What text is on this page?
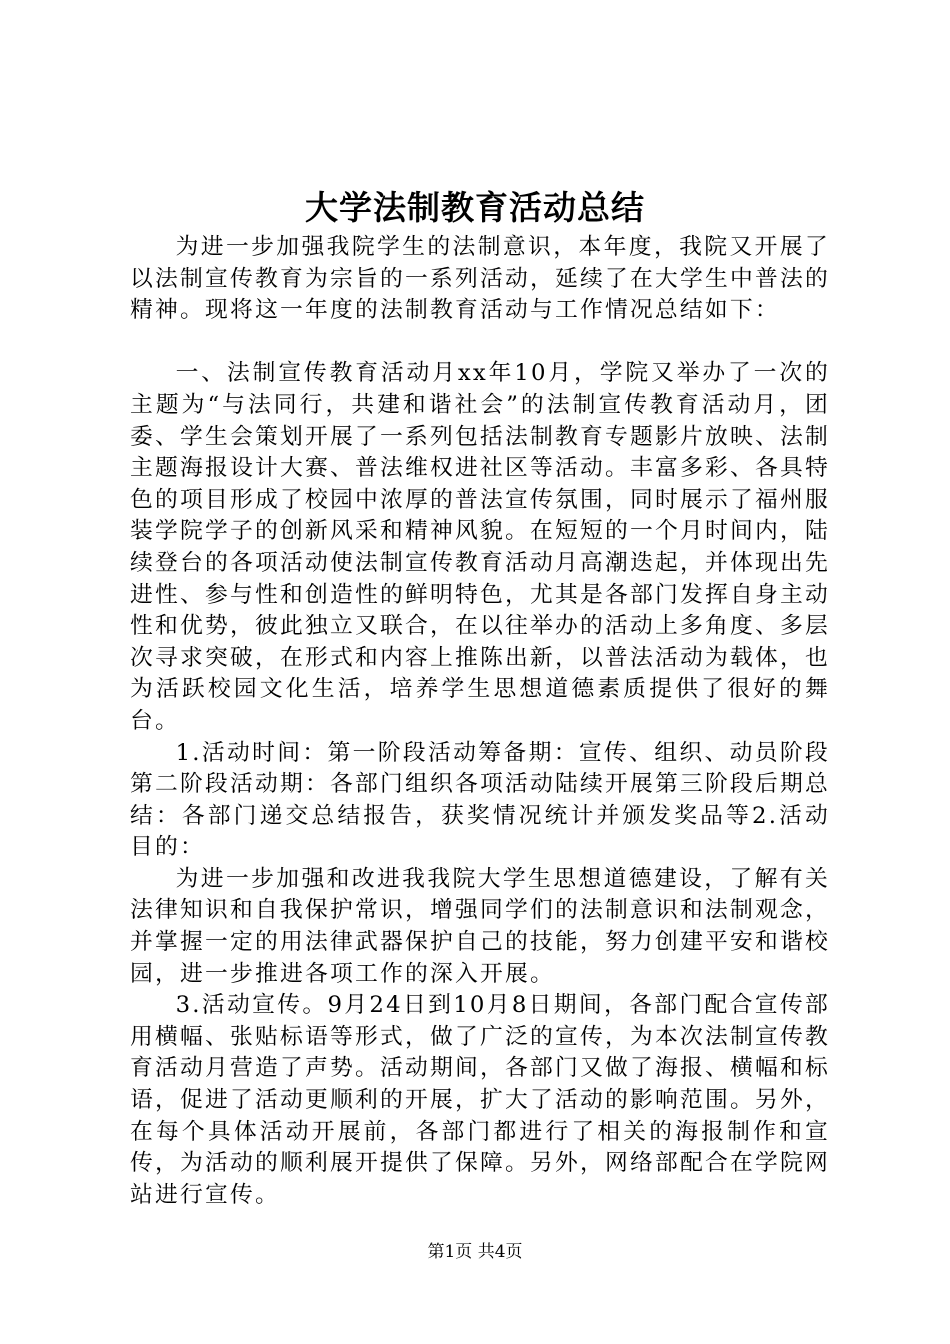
大学法制教育活动总结

为进一步加强我院学生的法制意识，本年度，我院又开展了以法制宣传教育为宗旨的一系列活动，延续了在大学生中普法的精神。现将这一年度的法制教育活动与工作情况总结如下：

一、法制宣传教育活动月xx年10月，学院又举办了一次的主题为“与法同行，共建和谐社会”的法制宣传教育活动月，团委、学生会策划开展了一系列包括法制教育专题影片放映、法制主题海报设计大赛、普法维权进社区等活动。丰富多彩、各具特色的项目形成了校园中浓厚的普法宣传氛围，同时展示了福州服装学院学子的创新风采和精神风貌。在短短的一个月时间内，陆续登台的各项活动使法制宣传教育活动月高潮迭起，并体现出先进性、参与性和创造性的鲜明特色，尤其是各部门发挥自身主动性和优势，彼此独立又联合，在以往举办的活动上多角度、多层次寻求突破，在形式和内容上推陈出新，以普法活动为载体，也为活跃校园文化生活，培养学生思想道德素质提供了很好的舞台。

1.活动时间：第一阶段活动筹备期：宣传、组织、动员阶段第二阶段活动期：各部门组织各项活动陆续开展第三阶段后期总结：各部门递交总结报告，获奖情况统计并颁发奖品等2.活动目的：

为进一步加强和改进我我院大学生思想道德建设，了解有关法律知识和自我保护常识，增强同学们的法制意识和法制观念，并掌握一定的用法律武器保护自己的技能，努力创建平安和谐校园，进一步推进各项工作的深入开展。

3.活动宣传。9月24日到10月8日期间，各部门配合宣传部用横幅、张贴标语等形式，做了广泛的宣传，为本次法制宣传教育活动月营造了声势。活动期间，各部门又做了海报、横幅和标语，促进了活动更顺利的开展，扩大了活动的影响范围。另外，在每个具体活动开展前，各部门都进行了相关的海报制作和宣传，为活动的顺利展开提供了保障。另外，网络部配合在学院网站进行宣传。

第1页 共4页
